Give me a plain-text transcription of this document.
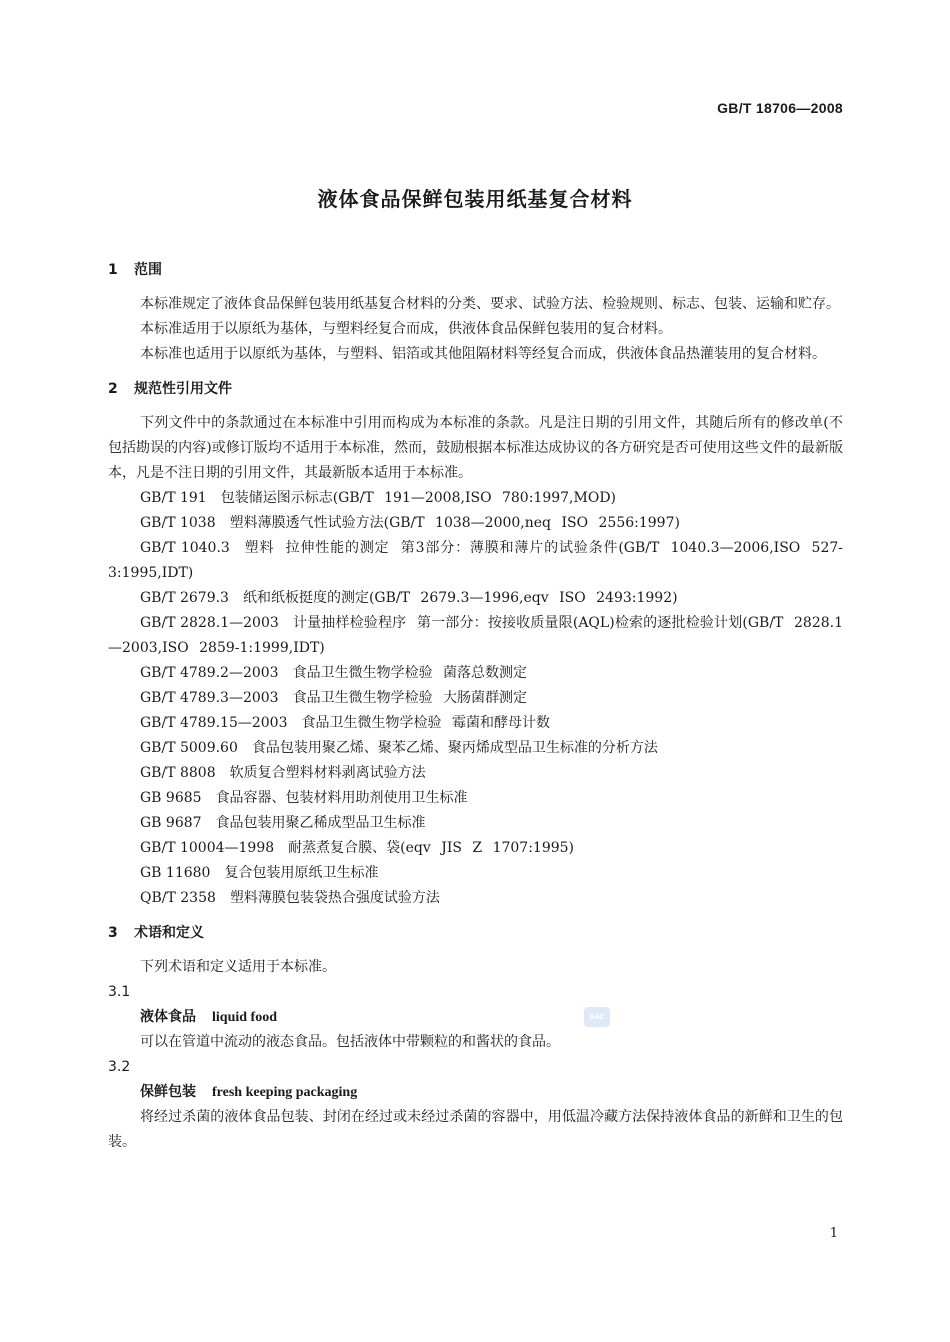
GB/T 18706—2008
液体食品保鲜包装用纸基复合材料
1 范围

本标准规定了液体食品保鲜包装用纸基复合材料的分类、要求、试验方法、检验规则、标志、包装、运输和贮存。

本标准适用于以原纸为基体，与塑料经复合而成，供液体食品保鲜包装用的复合材料。

本标准也适用于以原纸为基体，与塑料、铝箔或其他阻隔材料等经复合而成，供液体食品热灌装用的复合材料。

2 规范性引用文件

下列文件中的条款通过在本标准中引用而构成为本标准的条款。凡是注日期的引用文件，其随后所有的修改单(不包括勘误的内容)或修订版均不适用于本标准，然而，鼓励根据本标准达成协议的各方研究是否可使用这些文件的最新版本，凡是不注日期的引用文件，其最新版本适用于本标准。

GB/T 191 包装储运图示标志(GB/T 191—2008,ISO 780:1997,MOD)

GB/T 1038 塑料薄膜透气性试验方法(GB/T 1038—2000,neq ISO 2556:1997)

GB/T 1040.3 塑料 拉伸性能的测定 第3部分：薄膜和薄片的试验条件(GB/T 1040.3—2006,ISO 527-3:1995,IDT)

GB/T 2679.3 纸和纸板挺度的测定(GB/T 2679.3—1996,eqv ISO 2493:1992)

GB/T 2828.1—2003 计量抽样检验程序 第一部分：按接收质量限(AQL)检索的逐批检验计划(GB/T 2828.1—2003,ISO 2859-1:1999,IDT)

GB/T 4789.2—2003 食品卫生微生物学检验 菌落总数测定

GB/T 4789.3—2003 食品卫生微生物学检验 大肠菌群测定

GB/T 4789.15—2003 食品卫生微生物学检验 霉菌和酵母计数

GB/T 5009.60 食品包装用聚乙烯、聚苯乙烯、聚丙烯成型品卫生标准的分析方法

GB/T 8808 软质复合塑料材料剥离试验方法

GB 9685 食品容器、包装材料用助剂使用卫生标准

GB 9687 食品包装用聚乙稀成型品卫生标准

GB/T 10004—1998 耐蒸煮复合膜、袋(eqv JIS Z 1707:1995)

GB 11680 复合包装用原纸卫生标准

QB/T 2358 塑料薄膜包装袋热合强度试验方法

3 术语和定义

下列术语和定义适用于本标准。

3.1
液体食品 liquid food

可以在管道中流动的液态食品。包括液体中带颗粒的和酱状的食品。

3.2
保鲜包装 fresh keeping packaging

将经过杀菌的液体食品包装、封闭在经过或未经过杀菌的容器中，用低温冷藏方法保持液体食品的新鲜和卫生的包装。

SAC
1
